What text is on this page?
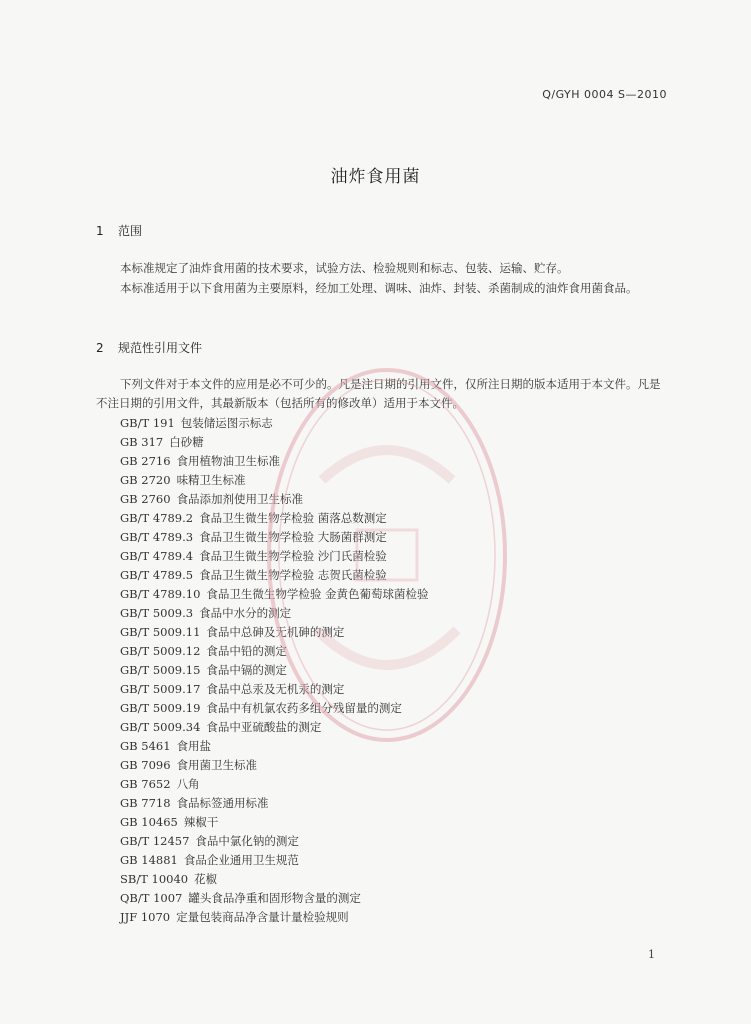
Q/GYH 0004 S—2010
油炸食用菌
1 范围

本标准规定了油炸食用菌的技术要求，试验方法、检验规则和标志、包装、运输、贮存。

本标准适用于以下食用菌为主要原料，经加工处理、调味、油炸、封装、杀菌制成的油炸食用菌食品。

2 规范性引用文件

下列文件对于本文件的应用是必不可少的。凡是注日期的引用文件，仅所注日期的版本适用于本文件。凡是不注日期的引用文件，其最新版本（包括所有的修改单）适用于本文件。

GB/T 191 包装储运图示标志
GB 317 白砂糖
GB 2716 食用植物油卫生标准
GB 2720 味精卫生标准
GB 2760 食品添加剂使用卫生标准
GB/T 4789.2 食品卫生微生物学检验 菌落总数测定
GB/T 4789.3 食品卫生微生物学检验 大肠菌群测定
GB/T 4789.4 食品卫生微生物学检验 沙门氏菌检验
GB/T 4789.5 食品卫生微生物学检验 志贺氏菌检验
GB/T 4789.10 食品卫生微生物学检验 金黄色葡萄球菌检验
GB/T 5009.3 食品中水分的测定
GB/T 5009.11 食品中总砷及无机砷的测定
GB/T 5009.12 食品中铅的测定
GB/T 5009.15 食品中镉的测定
GB/T 5009.17 食品中总汞及无机汞的测定
GB/T 5009.19 食品中有机氯农药多组分残留量的测定
GB/T 5009.34 食品中亚硫酸盐的测定
GB 5461 食用盐
GB 7096 食用菌卫生标准
GB 7652 八角
GB 7718 食品标签通用标准
GB 10465 辣椒干
GB/T 12457 食品中氯化钠的测定
GB 14881 食品企业通用卫生规范
SB/T 10040 花椒
QB/T 1007 罐头食品净重和固形物含量的测定
JJF 1070 定量包装商品净含量计量检验规则
1
